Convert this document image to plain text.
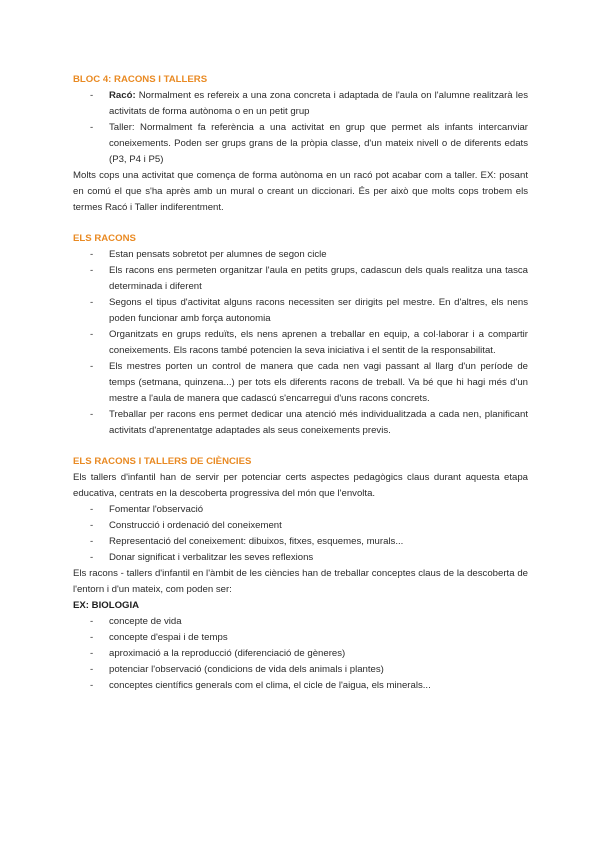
BLOC 4: RACONS I TALLERS

- Racó: Normalment es refereix a una zona concreta i adaptada de l'aula on l'alumne realitzarà les activitats de forma autònoma o en un petit grup
- Taller: Normalment fa referència a una activitat en grup que permet als infants intercanviar coneixements. Poden ser grups grans de la pròpia classe, d'un mateix nivell o de diferents edats (P3, P4 i P5)

Molts cops una activitat que comença de forma autònoma en un racó pot acabar com a taller. EX: posant en comú el que s'ha après amb un mural o creant un diccionari. És per això que molts cops trobem els termes Racó i Taller indiferentment.

ELS RACONS

- Estan pensats sobretot per alumnes de segon cicle
- Els racons ens permeten organitzar l'aula en petits grups, cadascun dels quals realitza una tasca determinada i diferent
- Segons el tipus d'activitat alguns racons necessiten ser dirigits pel mestre. En d'altres, els nens poden funcionar amb força autonomia
- Organitzats en grups reduïts, els nens aprenen a treballar en equip, a col·laborar i a compartir coneixements. Els racons també potencien la seva iniciativa i el sentit de la responsabilitat.
- Els mestres porten un control de manera que cada nen vagi passant al llarg d'un període de temps (setmana, quinzena...) per tots els diferents racons de treball. Va bé que hi hagi més d'un mestre a l'aula de manera que cadascú s'encarregui d'uns racons concrets.
- Treballar per racons ens permet dedicar una atenció més individualitzada a cada nen, planificant activitats d'aprenentatge adaptades als seus coneixements previs.

ELS RACONS I TALLERS DE CIÈNCIES

Els tallers d'infantil han de servir per potenciar certs aspectes pedagògics claus durant aquesta etapa educativa, centrats en la descoberta progressiva del món que l'envolta.

- Fomentar l'observació
- Construcció i ordenació del coneixement
- Representació del coneixement: dibuixos, fitxes, esquemes, murals...
- Donar significat i verbalitzar les seves reflexions

Els racons - tallers d'infantil en l'àmbit de les ciències han de treballar conceptes claus de la descoberta de l'entorn i d'un mateix, com poden ser:

EX: BIOLOGIA

- concepte de vida
- concepte d'espai i de temps
- aproximació a la reproducció (diferenciació de gèneres)
- potenciar l'observació (condicions de vida dels animals i plantes)
- conceptes científics generals com el clima, el cicle de l'aigua, els minerals...
